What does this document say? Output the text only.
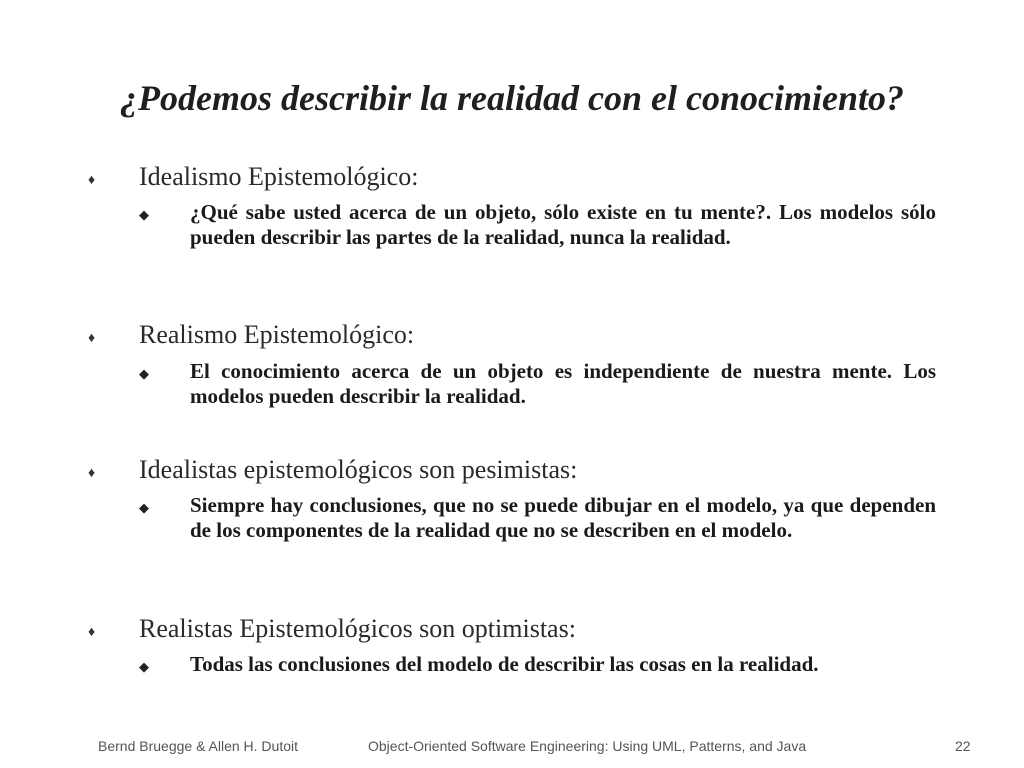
¿Podemos describir la realidad con el conocimiento?
♦ Idealismo Epistemológico:
◆ ¿Qué sabe usted acerca de un objeto, sólo existe en tu mente?. Los modelos sólo pueden describir las partes de la realidad, nunca la realidad.
♦ Realismo Epistemológico:
◆ El conocimiento acerca de un objeto es independiente de nuestra mente. Los modelos pueden describir la realidad.
♦ Idealistas epistemológicos son pesimistas:
◆ Siempre hay conclusiones, que no se puede dibujar en el modelo, ya que dependen de los componentes de la realidad que no se describen en el modelo.
♦ Realistas Epistemológicos son optimistas:
◆ Todas las conclusiones del modelo de describir las cosas en la realidad.
Bernd Bruegge & Allen H. Dutoit	Object-Oriented Software Engineering: Using UML, Patterns, and Java	22
